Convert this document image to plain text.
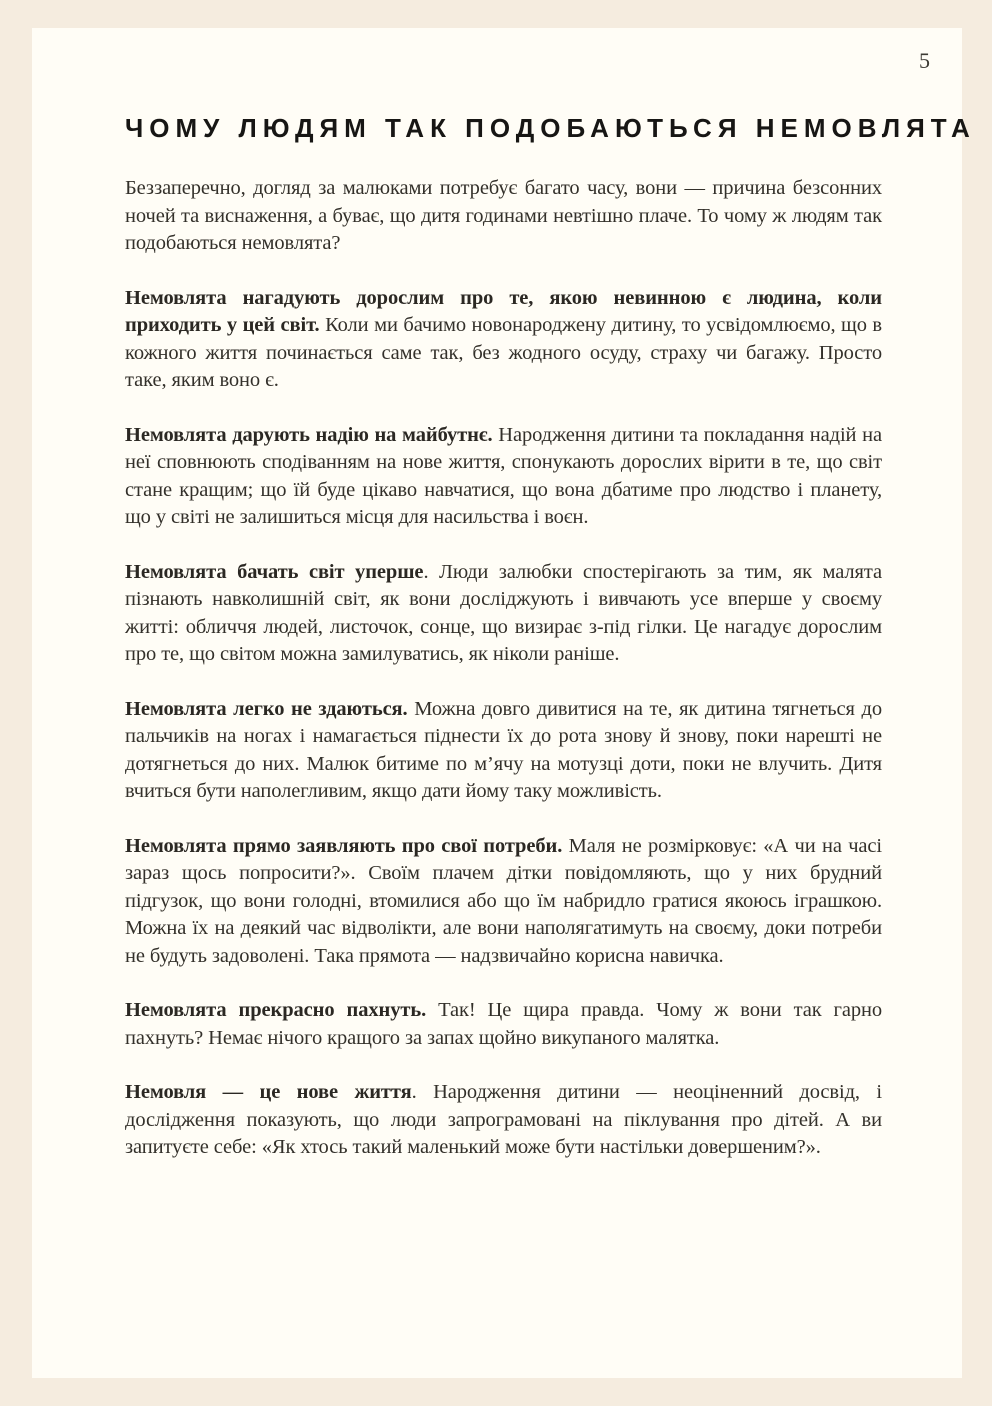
5
ЧОМУ ЛЮДЯМ ТАК ПОДОБАЮТЬСЯ НЕМОВЛЯТА

Беззаперечно, догляд за малюками потребує багато часу, вони — причина безсонних ночей та виснаження, а буває, що дитя годинами невтішно плаче. То чому ж людям так подобаються немовлята?

Немовлята нагадують дорослим про те, якою невинною є людина, коли приходить у цей світ. Коли ми бачимо новонароджену дитину, то усвідомлюємо, що в кожного життя починається саме так, без жодного осуду, страху чи багажу. Просто таке, яким воно є.

Немовлята дарують надію на майбутнє. Народження дитини та покладання надій на неї сповнюють сподіванням на нове життя, спонукають дорослих вірити в те, що світ стане кращим; що їй буде цікаво навчатися, що вона дбатиме про людство і планету, що у світі не залишиться місця для насильства і воєн.

Немовлята бачать світ уперше. Люди залюбки спостерігають за тим, як малята пізнають навколишній світ, як вони досліджують і вивчають усе вперше у своєму житті: обличчя людей, листочок, сонце, що визирає з-під гілки. Це нагадує дорослим про те, що світом можна замилуватись, як ніколи раніше.

Немовлята легко не здаються. Можна довго дивитися на те, як дитина тягнеться до пальчиків на ногах і намагається піднести їх до рота знову й знову, поки нарешті не дотягнеться до них. Малюк битиме по м’ячу на мотузці доти, поки не влучить. Дитя вчиться бути наполегливим, якщо дати йому таку можливість.

Немовлята прямо заявляють про свої потреби. Маля не розмірковує: «А чи на часі зараз щось попросити?». Своїм плачем дітки повідомляють, що у них брудний підгузок, що вони голодні, втомилися або що їм набридло гратися якоюсь іграшкою. Можна їх на деякий час відволікти, але вони наполягатимуть на своєму, доки потреби не будуть задоволені. Така прямота — надзвичайно корисна навичка.

Немовлята прекрасно пахнуть. Так! Це щира правда. Чому ж вони так гарно пахнуть? Немає нічого кращого за запах щойно викупаного малятка.

Немовля — це нове життя. Народження дитини — неоціненний досвід, і дослідження показують, що люди запрограмовані на піклування про дітей. А ви запитуєте себе: «Як хтось такий маленький може бути настільки довершеним?».
